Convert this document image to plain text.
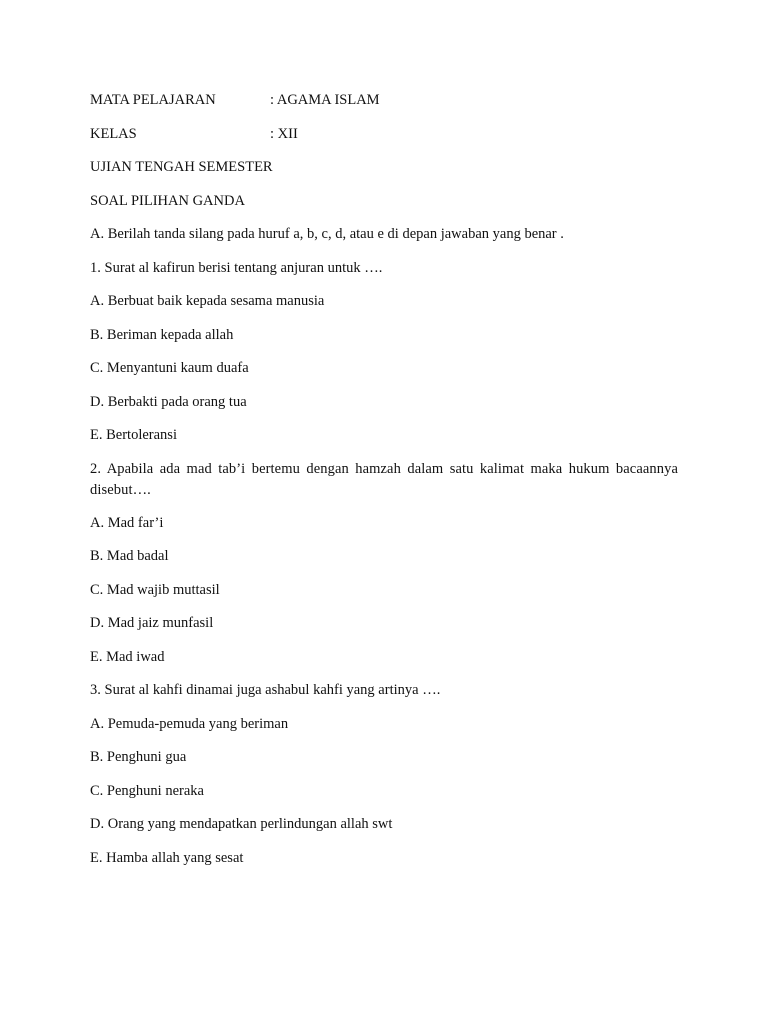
MATA PELAJARAN	: AGAMA ISLAM
KELAS	: XII
UJIAN TENGAH SEMESTER
SOAL PILIHAN GANDA
A. Berilah tanda silang pada huruf a, b, c, d, atau e di depan jawaban yang benar .
1. Surat al kafirun berisi tentang anjuran untuk ….
A. Berbuat baik kepada sesama manusia
B. Beriman kepada allah
C. Menyantuni kaum duafa
D. Berbakti pada orang tua
E. Bertoleransi
2. Apabila ada mad tab’i bertemu dengan hamzah dalam satu kalimat maka hukum bacaannya disebut….
A. Mad far’i
B. Mad badal
C. Mad wajib muttasil
D. Mad jaiz munfasil
E. Mad iwad
3. Surat al kahfi dinamai juga ashabul kahfi yang artinya ….
A. Pemuda-pemuda yang beriman
B. Penghuni gua
C. Penghuni neraka
D. Orang yang mendapatkan perlindungan allah swt
E. Hamba allah yang sesat
